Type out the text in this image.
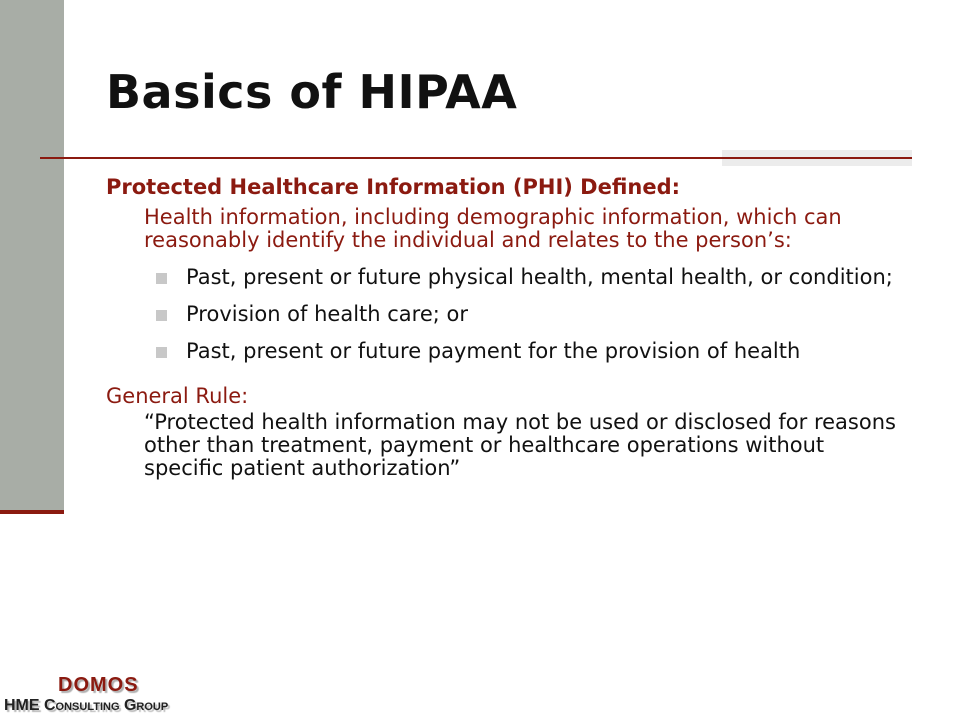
Basics of HIPAA

Protected Healthcare Information (PHI) Defined:

Health information, including demographic information, which can reasonably identify the individual and relates to the person’s:

Past, present or future physical health, mental health, or condition;
Provision of health care; or
Past, present or future payment for the provision of health

General Rule:

“Protected health information may not be used or disclosed for reasons other than treatment, payment or healthcare operations without specific patient authorization”

DOMOS
HME Consulting Group
